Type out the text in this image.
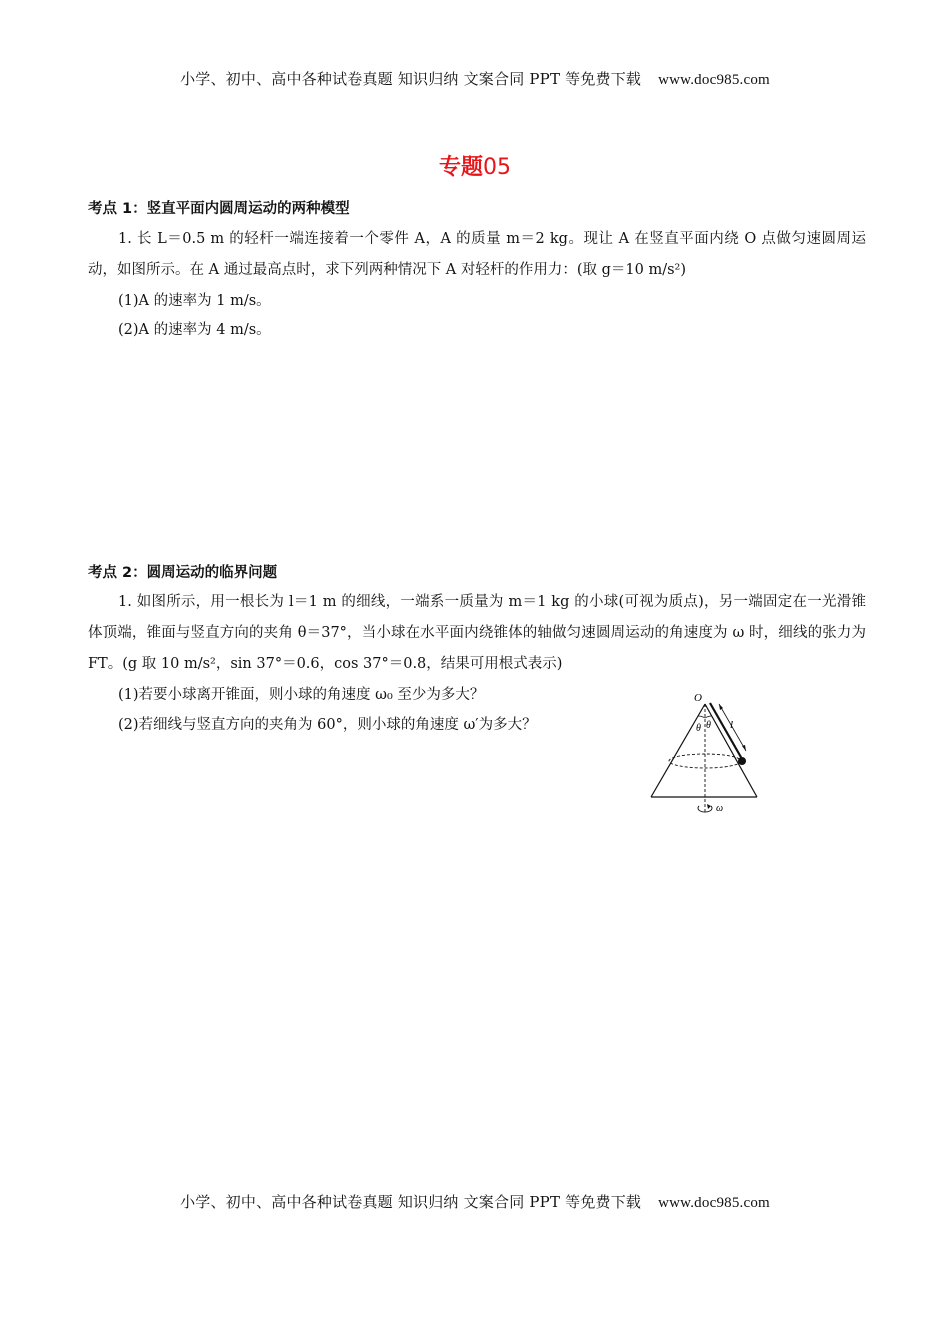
小学、初中、高中各种试卷真题 知识归纳 文案合同 PPT 等免费下载 www.doc985.com
专题05
考点 1：竖直平面内圆周运动的两种模型
1. 长 L＝0.5 m 的轻杆一端连接着一个零件 A，A 的质量 m＝2 kg。现让 A 在竖直平面内绕 O 点做匀速圆周运动，如图所示。在 A 通过最高点时，求下列两种情况下 A 对轻杆的作用力：(取 g＝10 m/s²)
(1)A 的速率为 1 m/s。
(2)A 的速率为 4 m/s。
考点 2：圆周运动的临界问题
1. 如图所示，用一根长为 l＝1 m 的细线，一端系一质量为 m＝1 kg 的小球(可视为质点)，另一端固定在一光滑锥体顶端，锥面与竖直方向的夹角 θ＝37°，当小球在水平面内绕锥体的轴做匀速圆周运动的角速度为 ω 时，细线的张力为 FT。(g 取 10 m/s²，sin 37°＝0.6，cos 37°＝0.8，结果可用根式表示)
(1)若要小球离开锥面，则小球的角速度 ω₀ 至少为多大？
(2)若细线与竖直方向的夹角为 60°，则小球的角速度 ω′为多大？
O
θ θ l
ω
小学、初中、高中各种试卷真题 知识归纳 文案合同 PPT 等免费下载 www.doc985.com
